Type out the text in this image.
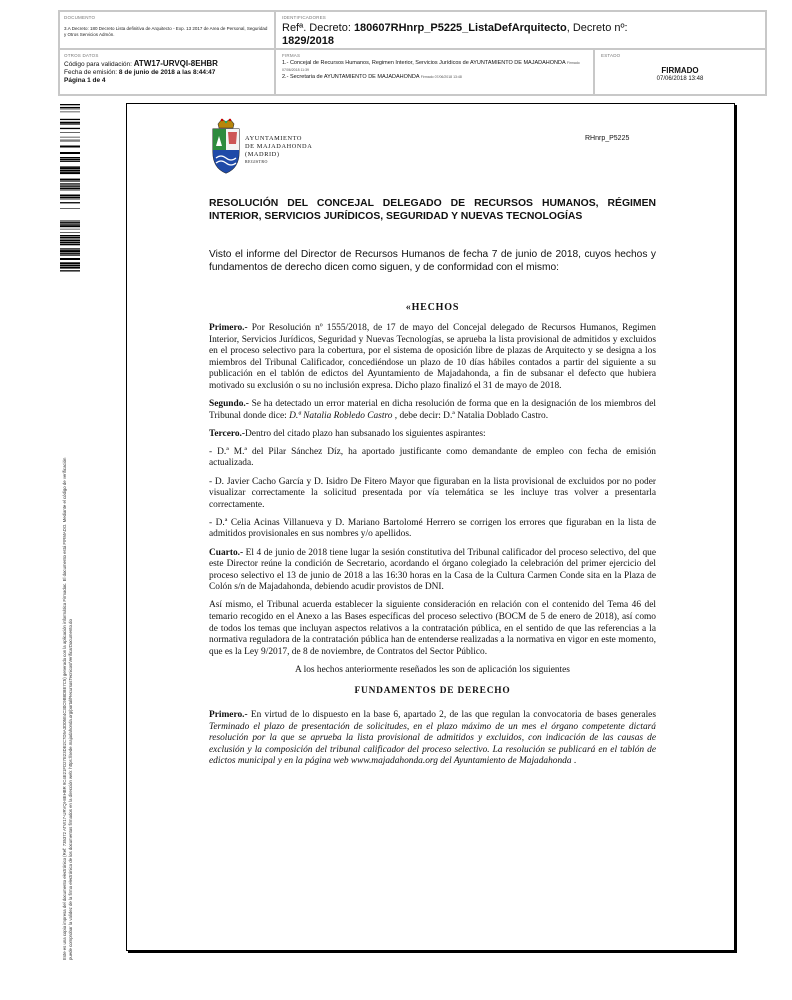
DOCUMENTO
3.A Decreto: 180 Decreto Lista definitiva de Arquitecto - Exp. 13 2017 de Area de Personal, Seguridad y Otros Servicios Admón.
IDENTIFICADORES
Refª. Decreto: 180607RHnrp_P5225_ListaDefArquitecto, Decreto nº:
1829/2018
OTROS DATOS
Código para validación: ATW17-URVQI-8EHBR
Fecha de emisión: 8 de junio de 2018 a las 8:44:47
Página 1 de 4
FIRMAS
1.- Concejal de Recursos Humanos, Regimen Interior, Servicios Jurídicos de AYUNTAMIENTO DE MAJADAHONDA Firmado 07/06/2018 11:39
2.- Secretaria de AYUNTAMIENTO DE MAJADAHONDA Firmado 07/06/2018 13:48
ESTADO
FIRMADO
07/06/2018 13:48
Este es una copia impresa del documento electrónico (Ref: 735372 ATW17-URVQI-8EHBR 9C4E21FD27E23DE2C7D5A3D05E4C30C9B8D8E7C5) generada con la aplicación informática Firmadoc. El documento está FIRMADO. Mediante el código de verificación puede comprobar la validez de la firma electrónica de los documentos firmados en la dirección web: https://sede.majadahonda.org/portal/RecursosTecnicos/VerificarDocumento.do
AYUNTAMIENTO
DE MAJADAHONDA
(MADRID)
REGISTRO
RHnrp_P5225
RESOLUCIÓN DEL CONCEJAL DELEGADO DE RECURSOS HUMANOS, RÉGIMEN INTERIOR, SERVICIOS JURÍDICOS, SEGURIDAD Y NUEVAS TECNOLOGÍAS
Visto el informe del Director de Recursos Humanos de fecha 7 de junio de 2018, cuyos hechos y fundamentos de derecho dicen como siguen, y de conformidad con el mismo:
«HECHOS

Primero.- Por Resolución nº 1555/2018, de 17 de mayo del Concejal delegado de Recursos Humanos, Regimen Interior, Servicios Jurídicos, Seguridad y Nuevas Tecnologías, se aprueba la lista provisional de admitidos y excluidos en el proceso selectivo para la cobertura, por el sistema de oposición libre de plazas de Arquitecto y se designa a los miembros del Tribunal Calificador, concediéndose un plazo de 10 días hábiles contados a partir del siguiente a su publicación en el tablón de edictos del Ayuntamiento de Majadahonda, a fin de subsanar el defecto que hubiera motivado su exclusión o su no inclusión expresa. Dicho plazo finalizó el 31 de mayo de 2018.

Segundo.- Se ha detectado un error material en dicha resolución de forma que en la designación de los miembros del Tribunal donde dice: D.ª Natalia Robledo Castro , debe decir: D.ª Natalia Doblado Castro.

Tercero.-Dentro del citado plazo han subsanado los siguientes aspirantes:

- D.ª M.ª del Pilar Sánchez Díz, ha aportado justificante como demandante de empleo con fecha de emisión actualizada.

- D. Javier Cacho García y D. Isidro De Fitero Mayor que figuraban en la lista provisional de excluidos por no poder visualizar correctamente la solicitud presentada por vía telemática se les incluye tras volver a presentarla correctamente.

- D.ª Celia Acinas Villanueva y D. Mariano Bartolomé Herrero se corrigen los errores que figuraban en la lista de admitidos provisionales en sus nombres y/o apellidos.

Cuarto.- El 4 de junio de 2018 tiene lugar la sesión constitutiva del Tribunal calificador del proceso selectivo, del que este Director reúne la condición de Secretario, acordando el órgano colegiado la celebración del primer ejercicio del proceso selectivo el 13 de junio de 2018 a las 16:30 horas en la Casa de la Cultura Carmen Conde sita en la Plaza de Colón s/n de Majadahonda, debiendo acudir provistos de DNI.

Así mismo, el Tribunal acuerda establecer la siguiente consideración en relación con el contenido del Tema 46 del temario recogido en el Anexo a las Bases específicas del proceso selectivo (BOCM de 5 de enero de 2018), así como de todos los temas que incluyan aspectos relativos a la contratación pública, en el sentido de que las referencias a la normativa reguladora de la contratación pública han de entenderse realizadas a la normativa en vigor en este momento, que es la Ley 9/2017, de 8 de noviembre, de Contratos del Sector Público.

A los hechos anteriormente reseñados les son de aplicación los siguientes

FUNDAMENTOS DE DERECHO

Primero.- En virtud de lo dispuesto en la base 6, apartado 2, de las que regulan la convocatoria de bases generales Terminado el plazo de presentación de solicitudes, en el plazo máximo de un mes el órgano competente dictará resolución por la que se aprueba la lista provisional de admitidos y excluidos, con indicación de las causas de exclusión y la composición del tribunal calificador del proceso selectivo. La resolución se publicará en el tablón de edictos municipal y en la página web www.majadahonda.org del Ayuntamiento de Majadahonda .
